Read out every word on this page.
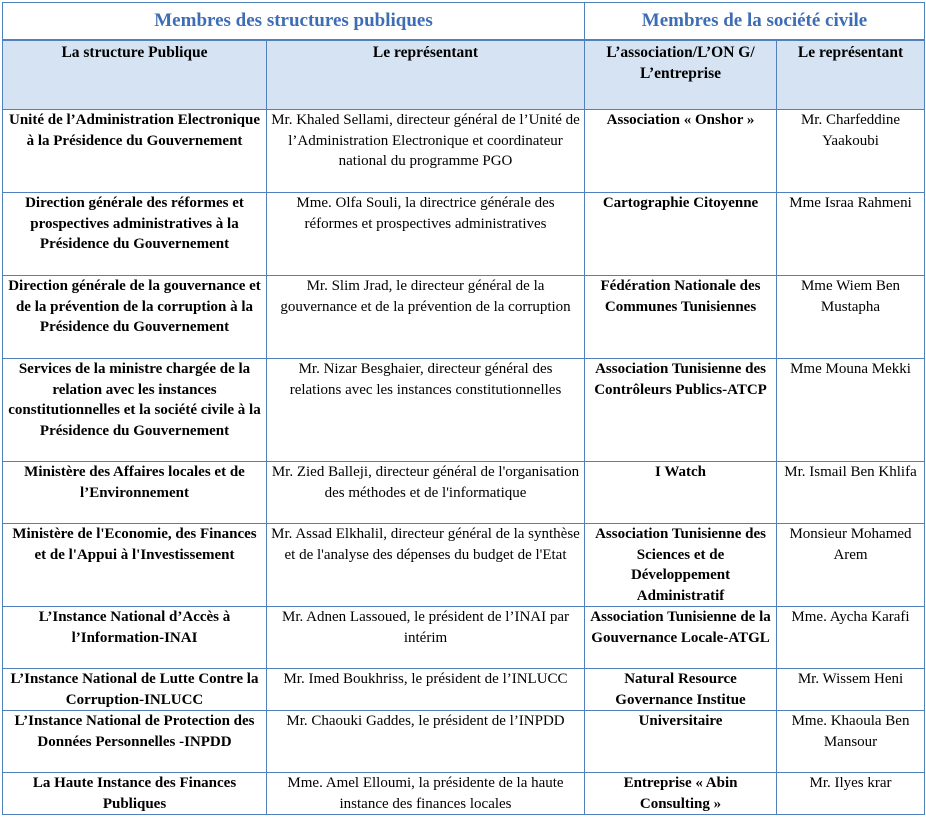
Membres des structures publiques		Membres de la société civile	
La structure Publique	Le représentant	L’association/L’ON G/ L’entreprise	Le représentant
Unité de l’Administration Electronique à la Présidence du Gouvernement	Mr. Khaled Sellami, directeur général de l’Unité de l’Administration Electronique et coordinateur national du programme PGO	Association « Onshor »	Mr. Charfeddine Yaakoubi
Direction générale des réformes et prospectives administratives à la Présidence du Gouvernement	Mme. Olfa Souli, la directrice générale des réformes et prospectives administratives	Cartographie Citoyenne	Mme Israa Rahmeni
Direction générale de la gouvernance et de la prévention de la corruption à la Présidence du Gouvernement	Mr. Slim Jrad, le directeur général de la gouvernance et de la prévention de la corruption	Fédération Nationale des Communes Tunisiennes	Mme Wiem Ben Mustapha
Services de la ministre chargée de la relation avec les instances constitutionnelles et la société civile à la Présidence du Gouvernement	Mr. Nizar Besghaier, directeur général des relations avec les instances constitutionnelles	Association Tunisienne des Contrôleurs Publics-ATCP	Mme Mouna Mekki
Ministère des Affaires locales et de l’Environnement	Mr. Zied Balleji, directeur général de l'organisation des méthodes et de l'informatique	I Watch	Mr. Ismail Ben Khlifa
Ministère de l'Economie, des Finances et de l'Appui à l'Investissement	Mr. Assad Elkhalil, directeur général de la synthèse et de l'analyse des dépenses du budget de l'Etat	Association Tunisienne des Sciences et de Développement Administratif	Monsieur Mohamed Arem
L’Instance National d’Accès à l’Information-INAI	Mr. Adnen Lassoued, le président de l’INAI par intérim	Association Tunisienne de la Gouvernance Locale-ATGL	Mme. Aycha Karafi
L’Instance National de Lutte Contre la Corruption-INLUCC	Mr. Imed Boukhriss, le président de l’INLUCC	Natural Resource Governance Institue	Mr. Wissem Heni
L’Instance National de Protection des Données Personnelles -INPDD	Mr. Chaouki Gaddes, le président de l’INPDD	Universitaire	Mme. Khaoula Ben Mansour
La Haute Instance des Finances Publiques	Mme. Amel Elloumi, la présidente de la haute instance des finances locales	Entreprise « Abin Consulting »	Mr. Ilyes krar
